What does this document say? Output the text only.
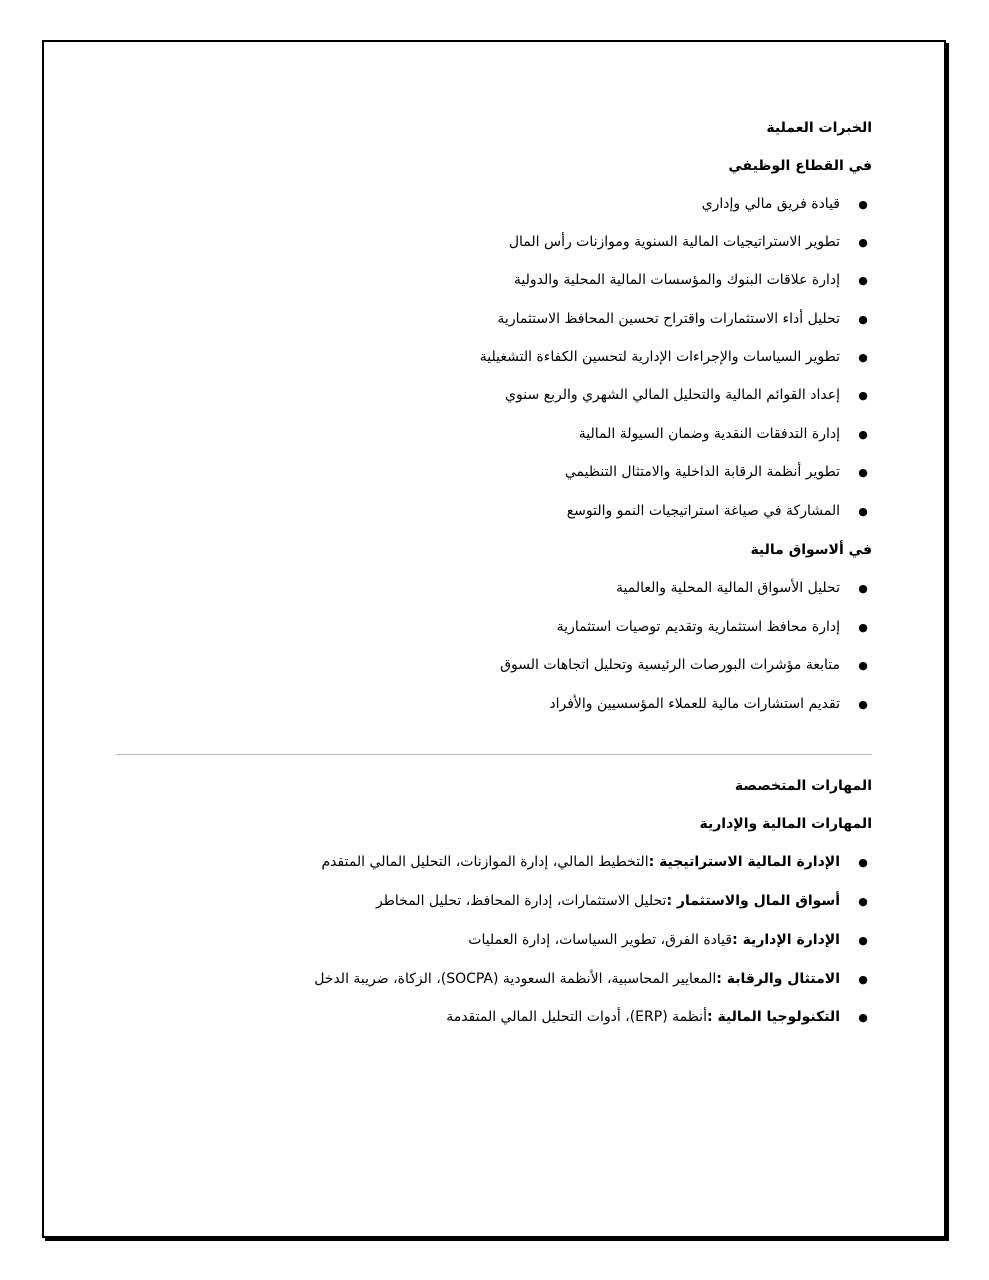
الخبرات العملية
في القطاع الوظيفي
●قيادة فريق مالي وإداري
●تطوير الاستراتيجيات المالية السنوية وموازنات رأس المال
●إدارة علاقات البنوك والمؤسسات المالية المحلية والدولية
●تحليل أداء الاستثمارات واقتراح تحسين المحافظ الاستثمارية
●تطوير السياسات والإجراءات الإدارية لتحسين الكفاءة التشغيلية
●إعداد القوائم المالية والتحليل المالي الشهري والربع سنوي
●إدارة التدفقات النقدية وضمان السيولة المالية
●تطوير أنظمة الرقابة الداخلية والامتثال التنظيمي
●المشاركة في صياغة استراتيجيات النمو والتوسع
في ألاسواق مالية
●تحليل الأسواق المالية المحلية والعالمية
●إدارة محافظ استثمارية وتقديم توصيات استثمارية
●متابعة مؤشرات البورصات الرئيسية وتحليل اتجاهات السوق
●تقديم استشارات مالية للعملاء المؤسسيين والأفراد
المهارات المتخصصة
المهارات المالية والإدارية
●الإدارة المالية الاستراتيجية :التخطيط المالي، إدارة الموازنات، التحليل المالي المتقدم
●أسواق المال والاستثمار :تحليل الاستثمارات، إدارة المحافظ، تحليل المخاطر
●الإدارة الإدارية :قيادة الفرق، تطوير السياسات، إدارة العمليات
●الامتثال والرقابة :المعايير المحاسبية، الأنظمة السعودية (SOCPA)، الزكاة، ضريبة الدخل
●التكنولوجيا المالية :أنظمة (ERP)، أدوات التحليل المالي المتقدمة
